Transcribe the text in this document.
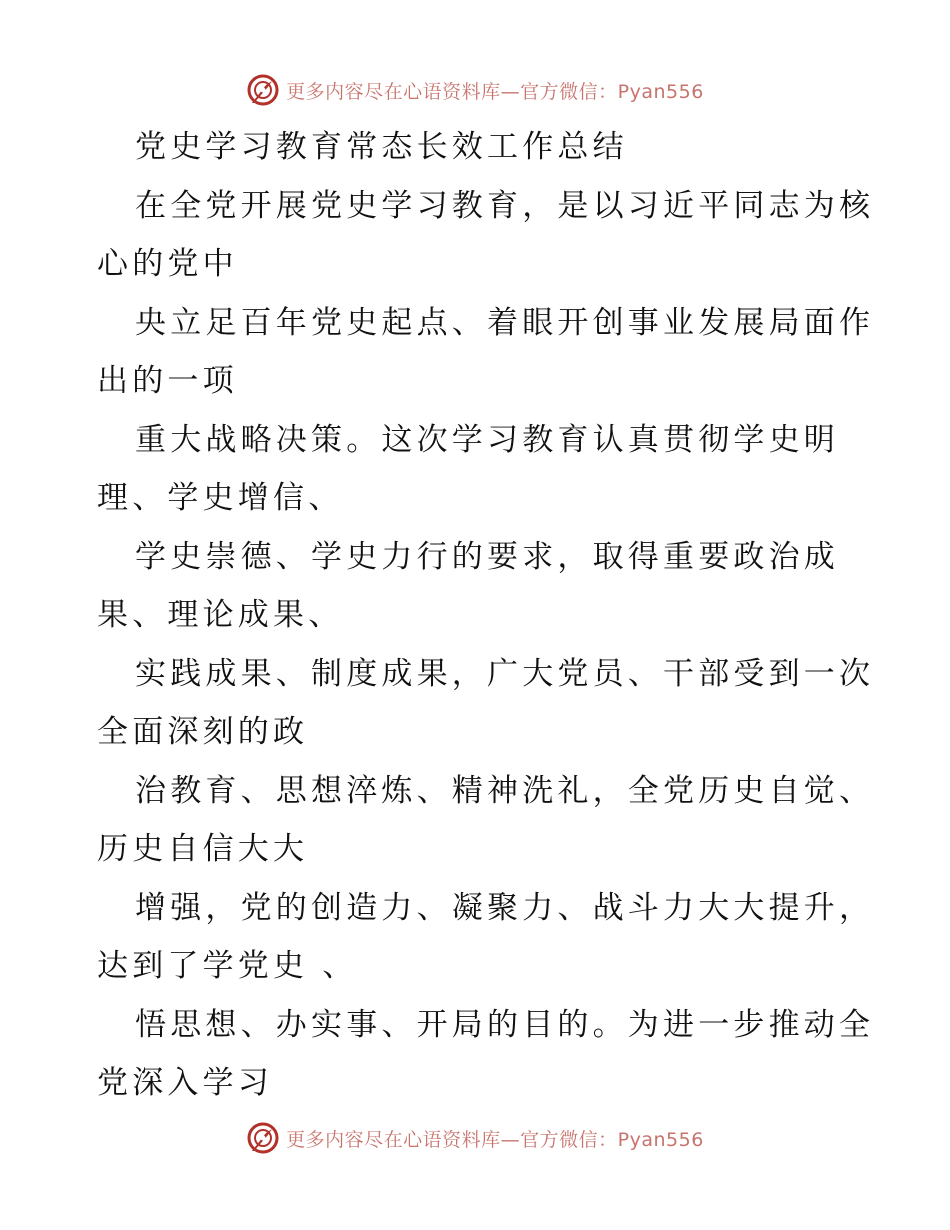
更多内容尽在心语资料库—官方微信：Pyan556
党史学习教育常态长效工作总结
在全党开展党史学习教育，是以习近平同志为核
心的党中
央立足百年党史起点、着眼开创事业发展局面作
出的一项
重大战略决策。这次学习教育认真贯彻学史明
理、学史增信、
学史崇德、学史力行的要求，取得重要政治成
果、理论成果、
实践成果、制度成果，广大党员、干部受到一次
全面深刻的政
治教育、思想淬炼、精神洗礼，全党历史自觉、
历史自信大大
增强，党的创造力、凝聚力、战斗力大大提升，
达到了学党史 、
悟思想、办实事、开局的目的。为进一步推动全
党深入学习
更多内容尽在心语资料库—官方微信：Pyan556
